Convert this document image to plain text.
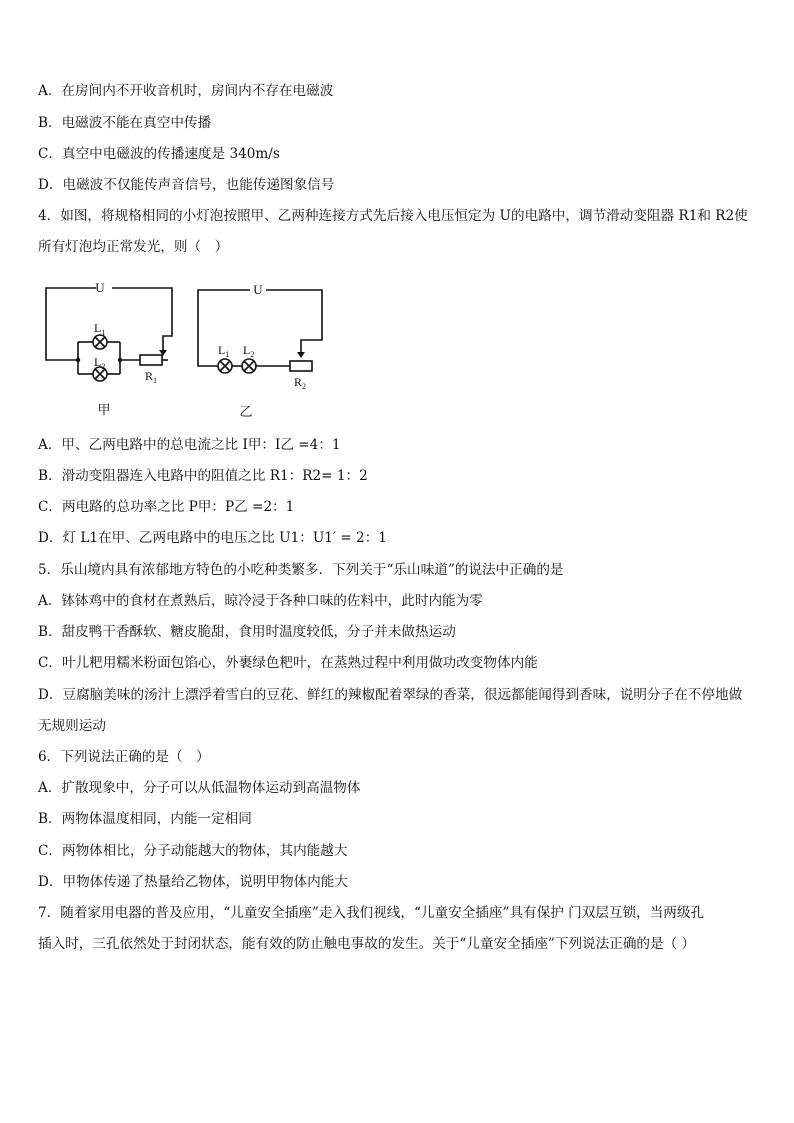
A．在房间内不开收音机时，房间内不存在电磁波
B．电磁波不能在真空中传播
C．真空中电磁波的传播速度是 340m/s
D．电磁波不仅能传声音信号，也能传递图象信号
4．如图，将规格相同的小灯泡按照甲、乙两种连接方式先后接入电压恒定为 U的电路中，调节滑动变阻器 R1和 R2使
所有灯泡均正常发光，则（　）
U	U
$L_1$
$L_2$
$R_1$
$L_1$ $L_2$
$R_2$
甲	乙
A．甲、乙两电路中的总电流之比 I甲：I乙 =4：1
B．滑动变阻器连入电路中的阻值之比 R1：R2= 1：2
C．两电路的总功率之比 P甲：P乙 =2：1
D．灯 L1在甲、乙两电路中的电压之比 U1：U1′ = 2：1
5．乐山境内具有浓郁地方特色的小吃种类繁多．下列关于“乐山味道”的说法中正确的是
A．钵钵鸡中的食材在煮熟后，晾冷浸于各种口味的佐料中，此时内能为零
B．甜皮鸭干香酥软、糖皮脆甜，食用时温度较低，分子并未做热运动
C．叶儿粑用糯米粉面包馅心，外裹绿色粑叶，在蒸熟过程中利用做功改变物体内能
D．豆腐脑美味的汤汁上漂浮着雪白的豆花、鲜红的辣椒配着翠绿的香菜，很远都能闻得到香味，说明分子在不停地做
无规则运动
6．下列说法正确的是（　）
A．扩散现象中，分子可以从低温物体运动到高温物体
B．两物体温度相同，内能一定相同
C．两物体相比，分子动能越大的物体，其内能越大
D．甲物体传递了热量给乙物体，说明甲物体内能大
7．随着家用电器的普及应用，“儿童安全插座”走入我们视线，“儿童安全插座”具有保护 门双层互锁，当两级孔
插入时，三孔依然处于封闭状态，能有效的防止触电事故的发生。关于“儿童安全插座”下列说法正确的是（ ）
